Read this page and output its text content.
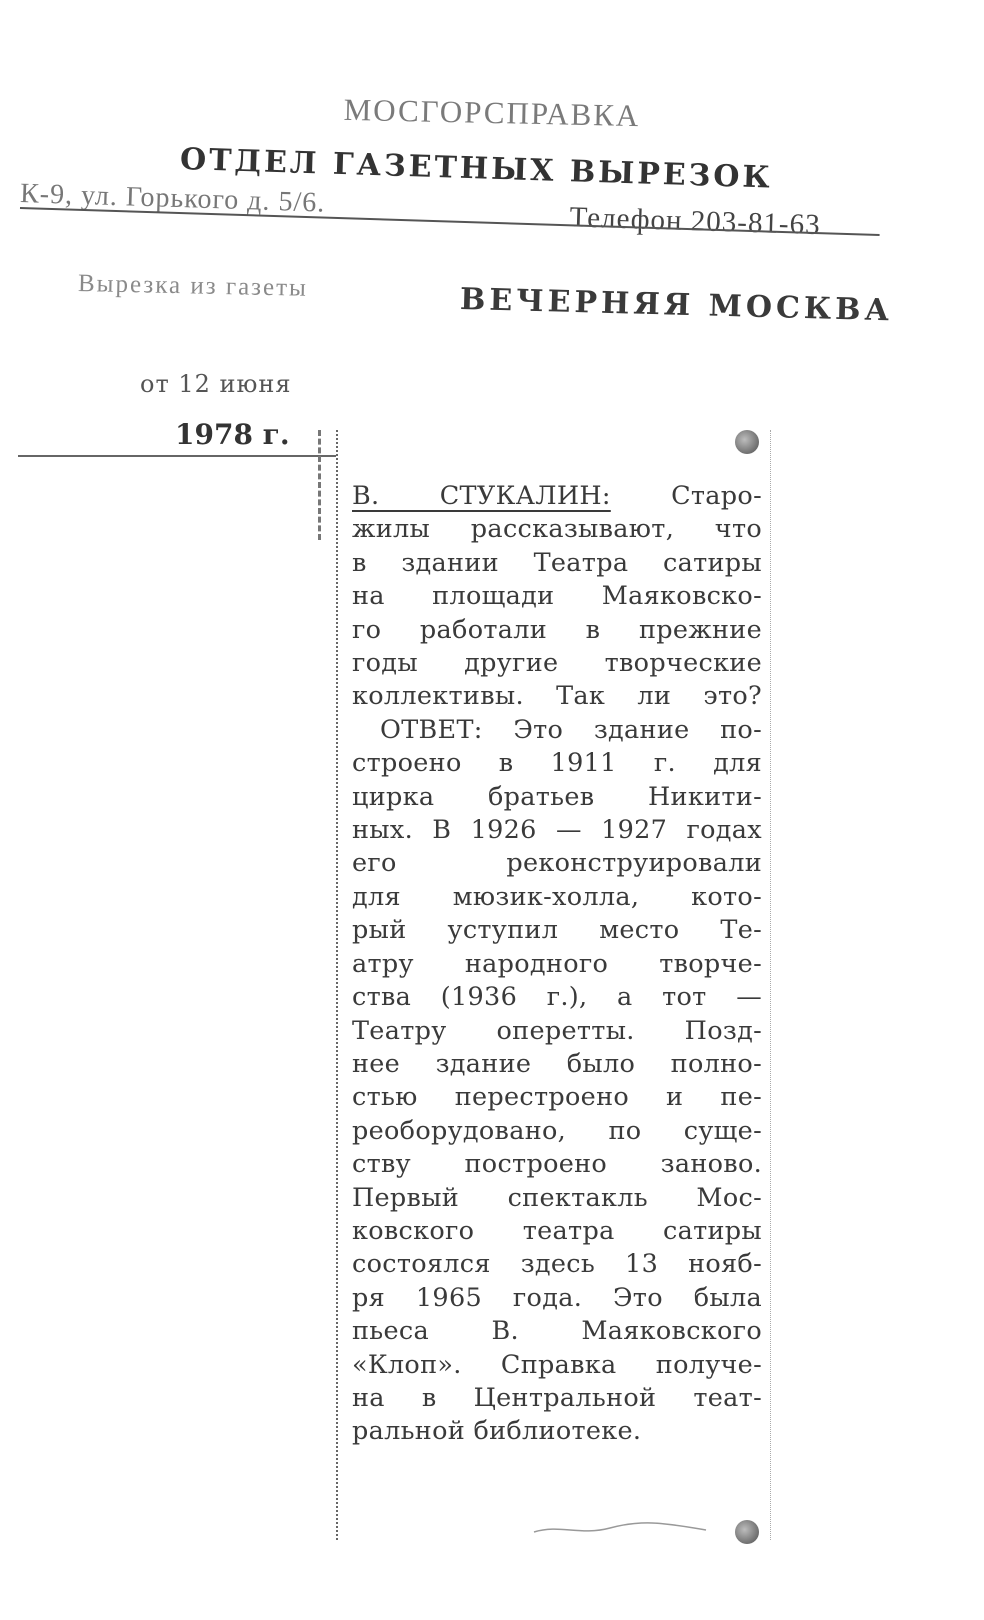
МОСГОРСПРАВКА
ОТДЕЛ ГАЗЕТНЫХ ВЫРЕЗОК
К-9, ул. Горького д. 5/6.
Телефон 203-81-63
Вырезка из газеты	ВЕЧЕРНЯЯ МОСКВА
от 12 июня
1978 г.
В. СТУКАЛИН: Старо-
жилы рассказывают, что
в здании Театра сатиры
на площади Маяковско-
го работали в прежние
годы другие творческие
коллективы. Так ли это?
ОТВЕТ: Это здание по-
строено в 1911 г. для
цирка братьев Никити-
ных. В 1926 — 1927 годах
его реконструировали
для мюзик-холла, кото-
рый уступил место Те-
атру народного творче-
ства (1936 г.), а тот —
Театру оперетты. Позд-
нее здание было полно-
стью перестроено и пе-
реоборудовано, по суще-
ству построено заново.
Первый спектакль Мос-
ковского театра сатиры
состоялся здесь 13 нояб-
ря 1965 года. Это была
пьеса В. Маяковского
«Клоп». Справка получе-
на в Центральной теат-
ральной библиотеке.
